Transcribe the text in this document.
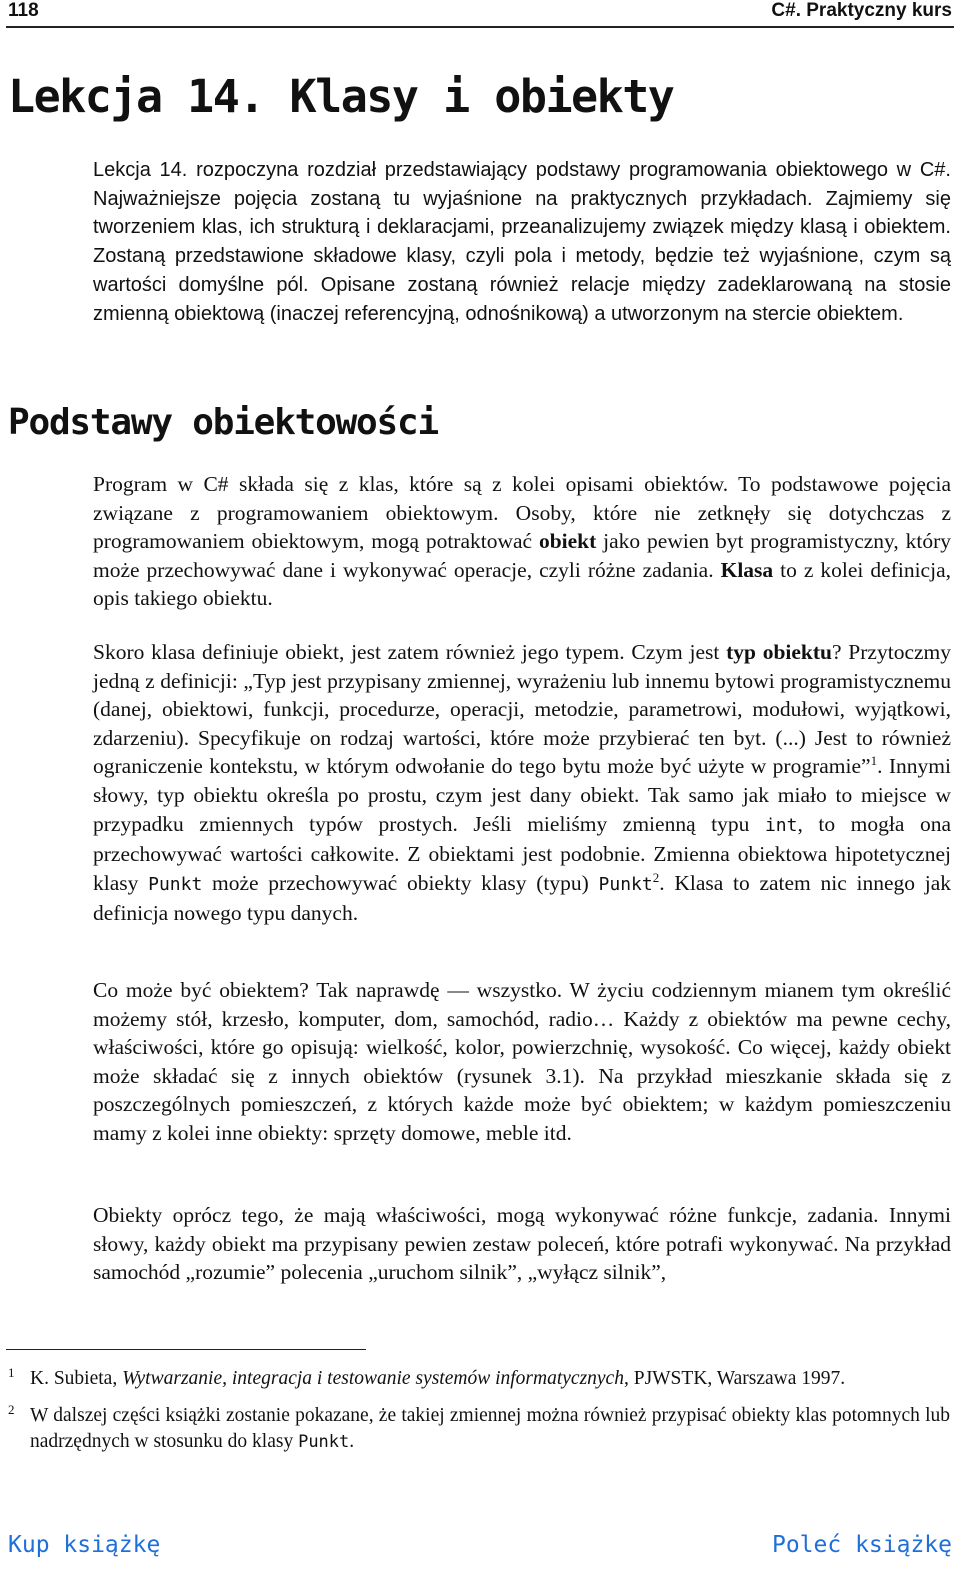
118	C#. Praktyczny kurs
Lekcja 14. Klasy i obiekty

Lekcja 14. rozpoczyna rozdział przedstawiający podstawy programowania obiektowego w C#. Najważniejsze pojęcia zostaną tu wyjaśnione na praktycznych przykładach. Zajmiemy się tworzeniem klas, ich strukturą i deklaracjami, przeanalizujemy związek między klasą i obiektem. Zostaną przedstawione składowe klasy, czyli pola i metody, będzie też wyjaśnione, czym są wartości domyślne pól. Opisane zostaną również relacje między zadeklarowaną na stosie zmienną obiektową (inaczej referencyjną, odnośnikową) a utworzonym na stercie obiektem.

Podstawy obiektowości

Program w C# składa się z klas, które są z kolei opisami obiektów. To podstawowe pojęcia związane z programowaniem obiektowym. Osoby, które nie zetknęły się dotychczas z programowaniem obiektowym, mogą potraktować obiekt jako pewien byt programistyczny, który może przechowywać dane i wykonywać operacje, czyli różne zadania. Klasa to z kolei definicja, opis takiego obiektu.

Skoro klasa definiuje obiekt, jest zatem również jego typem. Czym jest typ obiektu? Przytoczmy jedną z definicji: „Typ jest przypisany zmiennej, wyrażeniu lub innemu bytowi programistycznemu (danej, obiektowi, funkcji, procedurze, operacji, metodzie, parametrowi, modułowi, wyjątkowi, zdarzeniu). Specyfikuje on rodzaj wartości, które może przybierać ten byt. (...) Jest to również ograniczenie kontekstu, w którym odwołanie do tego bytu może być użyte w programie”$^1$. Innymi słowy, typ obiektu określa po prostu, czym jest dany obiekt. Tak samo jak miało to miejsce w przypadku zmiennych typów prostych. Jeśli mieliśmy zmienną typu int, to mogła ona przechowywać wartości całkowite. Z obiektami jest podobnie. Zmienna obiektowa hipotetycznej klasy Punkt może przechowywać obiekty klasy (typu) Punkt$^2$. Klasa to zatem nic innego jak definicja nowego typu danych.

Co może być obiektem? Tak naprawdę — wszystko. W życiu codziennym mianem tym określić możemy stół, krzesło, komputer, dom, samochód, radio… Każdy z obiektów ma pewne cechy, właściwości, które go opisują: wielkość, kolor, powierzchnię, wysokość. Co więcej, każdy obiekt może składać się z innych obiektów (rysunek 3.1). Na przykład mieszkanie składa się z poszczególnych pomieszczeń, z których każde może być obiektem; w każdym pomieszczeniu mamy z kolei inne obiekty: sprzęty domowe, meble itd.

Obiekty oprócz tego, że mają właściwości, mogą wykonywać różne funkcje, zadania. Innymi słowy, każdy obiekt ma przypisany pewien zestaw poleceń, które potrafi wykonywać. Na przykład samochód „rozumie” polecenia „uruchom silnik”, „wyłącz silnik”,

1 K. Subieta, Wytwarzanie, integracja i testowanie systemów informatycznych, PJWSTK, Warszawa 1997.
2 W dalszej części książki zostanie pokazane, że takiej zmiennej można również przypisać obiekty klas potomnych lub nadrzędnych w stosunku do klasy Punkt.
Kup książkę	Poleć książkę
